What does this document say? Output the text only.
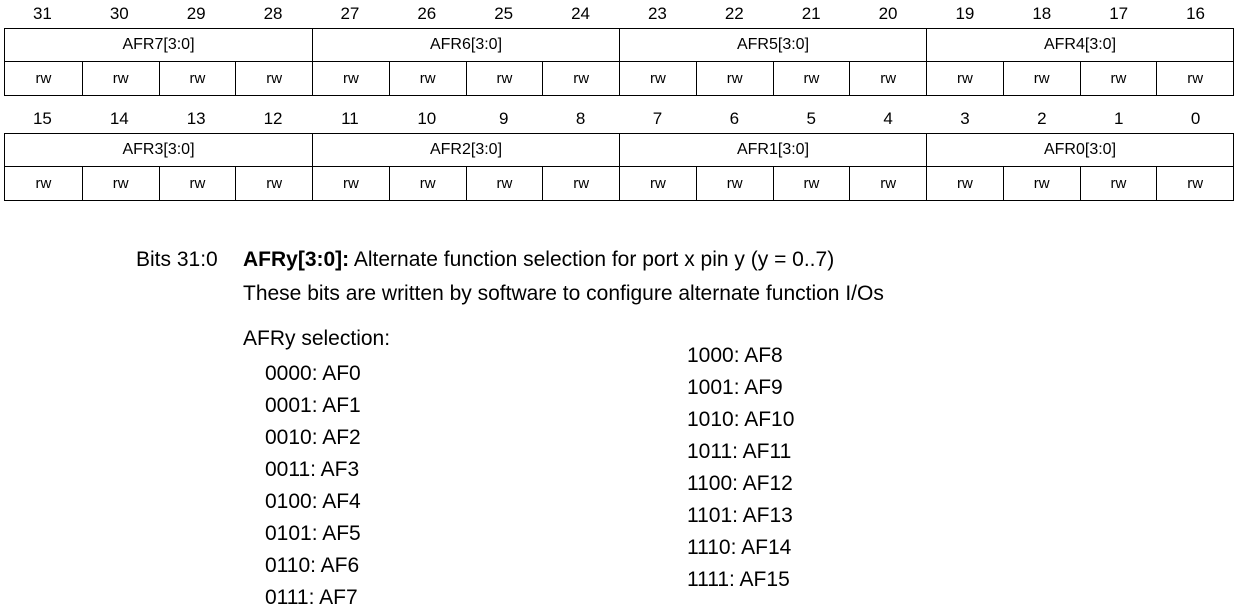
31	30	29	28	27	26	25	24	23	22	21	20	19	18	17	16
AFR7[3:0]	AFR6[3:0]	AFR5[3:0]	AFR4[3:0]
rw	rw	rw	rw	rw	rw	rw	rw	rw	rw	rw	rw	rw	rw	rw	rw
15	14	13	12	11	10	9	8	7	6	5	4	3	2	1	0
AFR3[3:0]	AFR2[3:0]	AFR1[3:0]	AFR0[3:0]
rw	rw	rw	rw	rw	rw	rw	rw	rw	rw	rw	rw	rw	rw	rw	rw
Bits 31:0 AFRy[3:0]: Alternate function selection for port x pin y (y = 0..7)
These bits are written by software to configure alternate function I/Os
AFRy selection:
0000: AF0
0001: AF1
0010: AF2
0011: AF3
0100: AF4
0101: AF5
0110: AF6
0111: AF7
1000: AF8
1001: AF9
1010: AF10
1011: AF11
1100: AF12
1101: AF13
1110: AF14
1111: AF15
